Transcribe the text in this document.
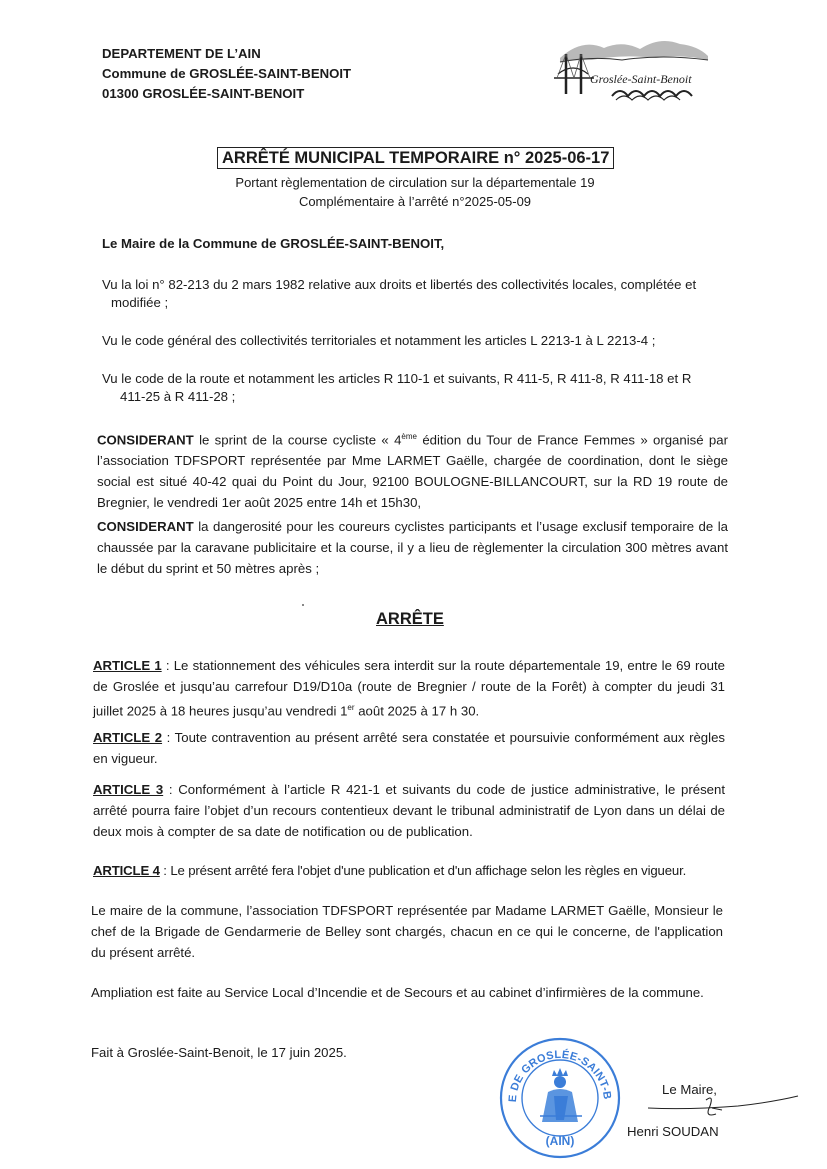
DEPARTEMENT DE L’AIN
Commune de GROSLÉE-SAINT-BENOIT
01300 GROSLÉE-SAINT-BENOIT
Groslée-Saint-Benoit
ARRÊTÉ MUNICIPAL TEMPORAIRE n° 2025-06-17
Portant règlementation de circulation sur la départementale 19
Complémentaire à l’arrêté n°2025-05-09
Le Maire de la Commune de GROSLÉE-SAINT-BENOIT,
Vu la loi n° 82-213 du 2 mars 1982 relative aux droits et libertés des collectivités locales, complétée et
modifiée ;
Vu le code général des collectivités territoriales et notamment les articles L 2213-1 à L 2213-4 ;
Vu le code de la route et notamment les articles R 110-1 et suivants, R 411-5, R 411-8, R 411-18 et R
411-25 à R 411-28 ;
CONSIDERANT le sprint de la course cycliste « 4ème édition du Tour de France Femmes » organisé par l’association TDFSPORT représentée par Mme LARMET Gaëlle, chargée de coordination, dont le siège social est situé 40-42 quai du Point du Jour, 92100 BOULOGNE-BILLANCOURT, sur la RD 19 route de Bregnier, le vendredi 1er août 2025 entre 14h et 15h30,
CONSIDERANT la dangerosité pour les coureurs cyclistes participants et l’usage exclusif temporaire de la chaussée par la caravane publicitaire et la course, il y a lieu de règlementer la circulation 300 mètres avant le début du sprint et 50 mètres après ;
ARRÊTE
ARTICLE 1 : Le stationnement des véhicules sera interdit sur la route départementale 19, entre le 69 route de Groslée et jusqu’au carrefour D19/D10a (route de Bregnier / route de la Forêt) à compter du jeudi 31 juillet 2025 à 18 heures jusqu’au vendredi 1er août 2025 à 17 h 30.
ARTICLE 2 : Toute contravention au présent arrêté sera constatée et poursuivie conformément aux règles en vigueur.
ARTICLE 3 : Conformément à l’article R 421-1 et suivants du code de justice administrative, le présent arrêté pourra faire l’objet d’un recours contentieux devant le tribunal administratif de Lyon dans un délai de deux mois à compter de sa date de notification ou de publication.
ARTICLE 4 : Le présent arrêté fera l'objet d'une publication et d'un affichage selon les règles en vigueur.
Le maire de la commune, l’association TDFSPORT représentée par Madame LARMET Gaëlle, Monsieur le chef de la Brigade de Gendarmerie de Belley sont chargés, chacun en ce qui le concerne, de l'application du présent arrêté.
Ampliation est faite au Service Local d’Incendie et de Secours et au cabinet d’infirmières de la commune.
Fait à Groslée-Saint-Benoit, le 17 juin 2025.
E DE GROSLÉE-SAINT-B
(AIN)
Le Maire,
Henri SOUDAN
